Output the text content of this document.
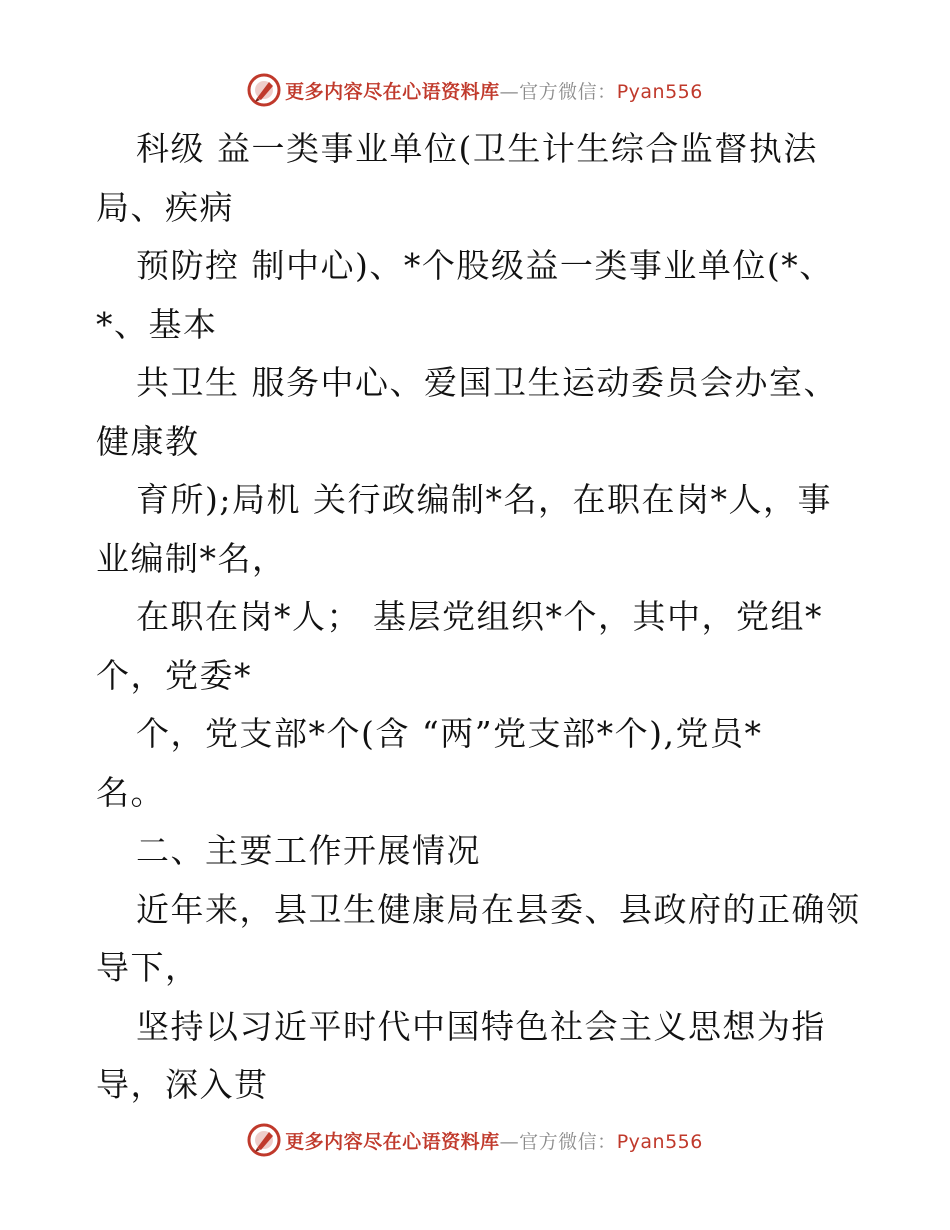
更多内容尽在心语资料库—官方微信：Pyan556
科级 益一类事业单位(卫生计生综合监督执法
局、疾病
预防控 制中心)、*个股级益一类事业单位(*、
*、基本
共卫生 服务中心、爱国卫生运动委员会办室、
健康教
育所);局机 关行政编制*名，在职在岗*人，事
业编制*名，
在职在岗*人； 基层党组织*个，其中，党组*
个，党委*
个，党支部*个(含 “两”党支部*个),党员*
名。
二、主要工作开展情况
近年来，县卫生健康局在县委、县政府的正确领
导下，
坚持以习近平时代中国特色社会主义思想为指
导，深入贯
更多内容尽在心语资料库—官方微信：Pyan556
